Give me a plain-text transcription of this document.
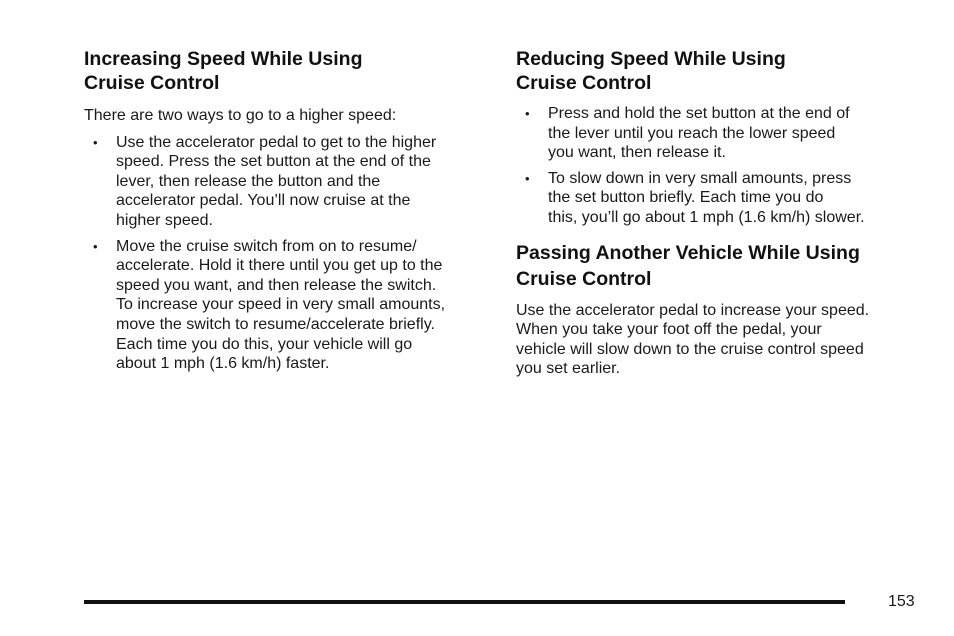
Increasing Speed While Using
Cruise Control

There are two ways to go to a higher speed:

• Use the accelerator pedal to get to the higher
speed. Press the set button at the end of the
lever, then release the button and the
accelerator pedal. You’ll now cruise at the
higher speed.
• Move the cruise switch from on to resume/
accelerate. Hold it there until you get up to the
speed you want, and then release the switch.
To increase your speed in very small amounts,
move the switch to resume/accelerate briefly.
Each time you do this, your vehicle will go
about 1 mph (1.6 km/h) faster.
Reducing Speed While Using
Cruise Control
• Press and hold the set button at the end of
the lever until you reach the lower speed
you want, then release it.
• To slow down in very small amounts, press
the set button briefly. Each time you do
this, you’ll go about 1 mph (1.6 km/h) slower.
Passing Another Vehicle While Using
Cruise Control

Use the accelerator pedal to increase your speed.
When you take your foot off the pedal, your
vehicle will slow down to the cruise control speed
you set earlier.

153
